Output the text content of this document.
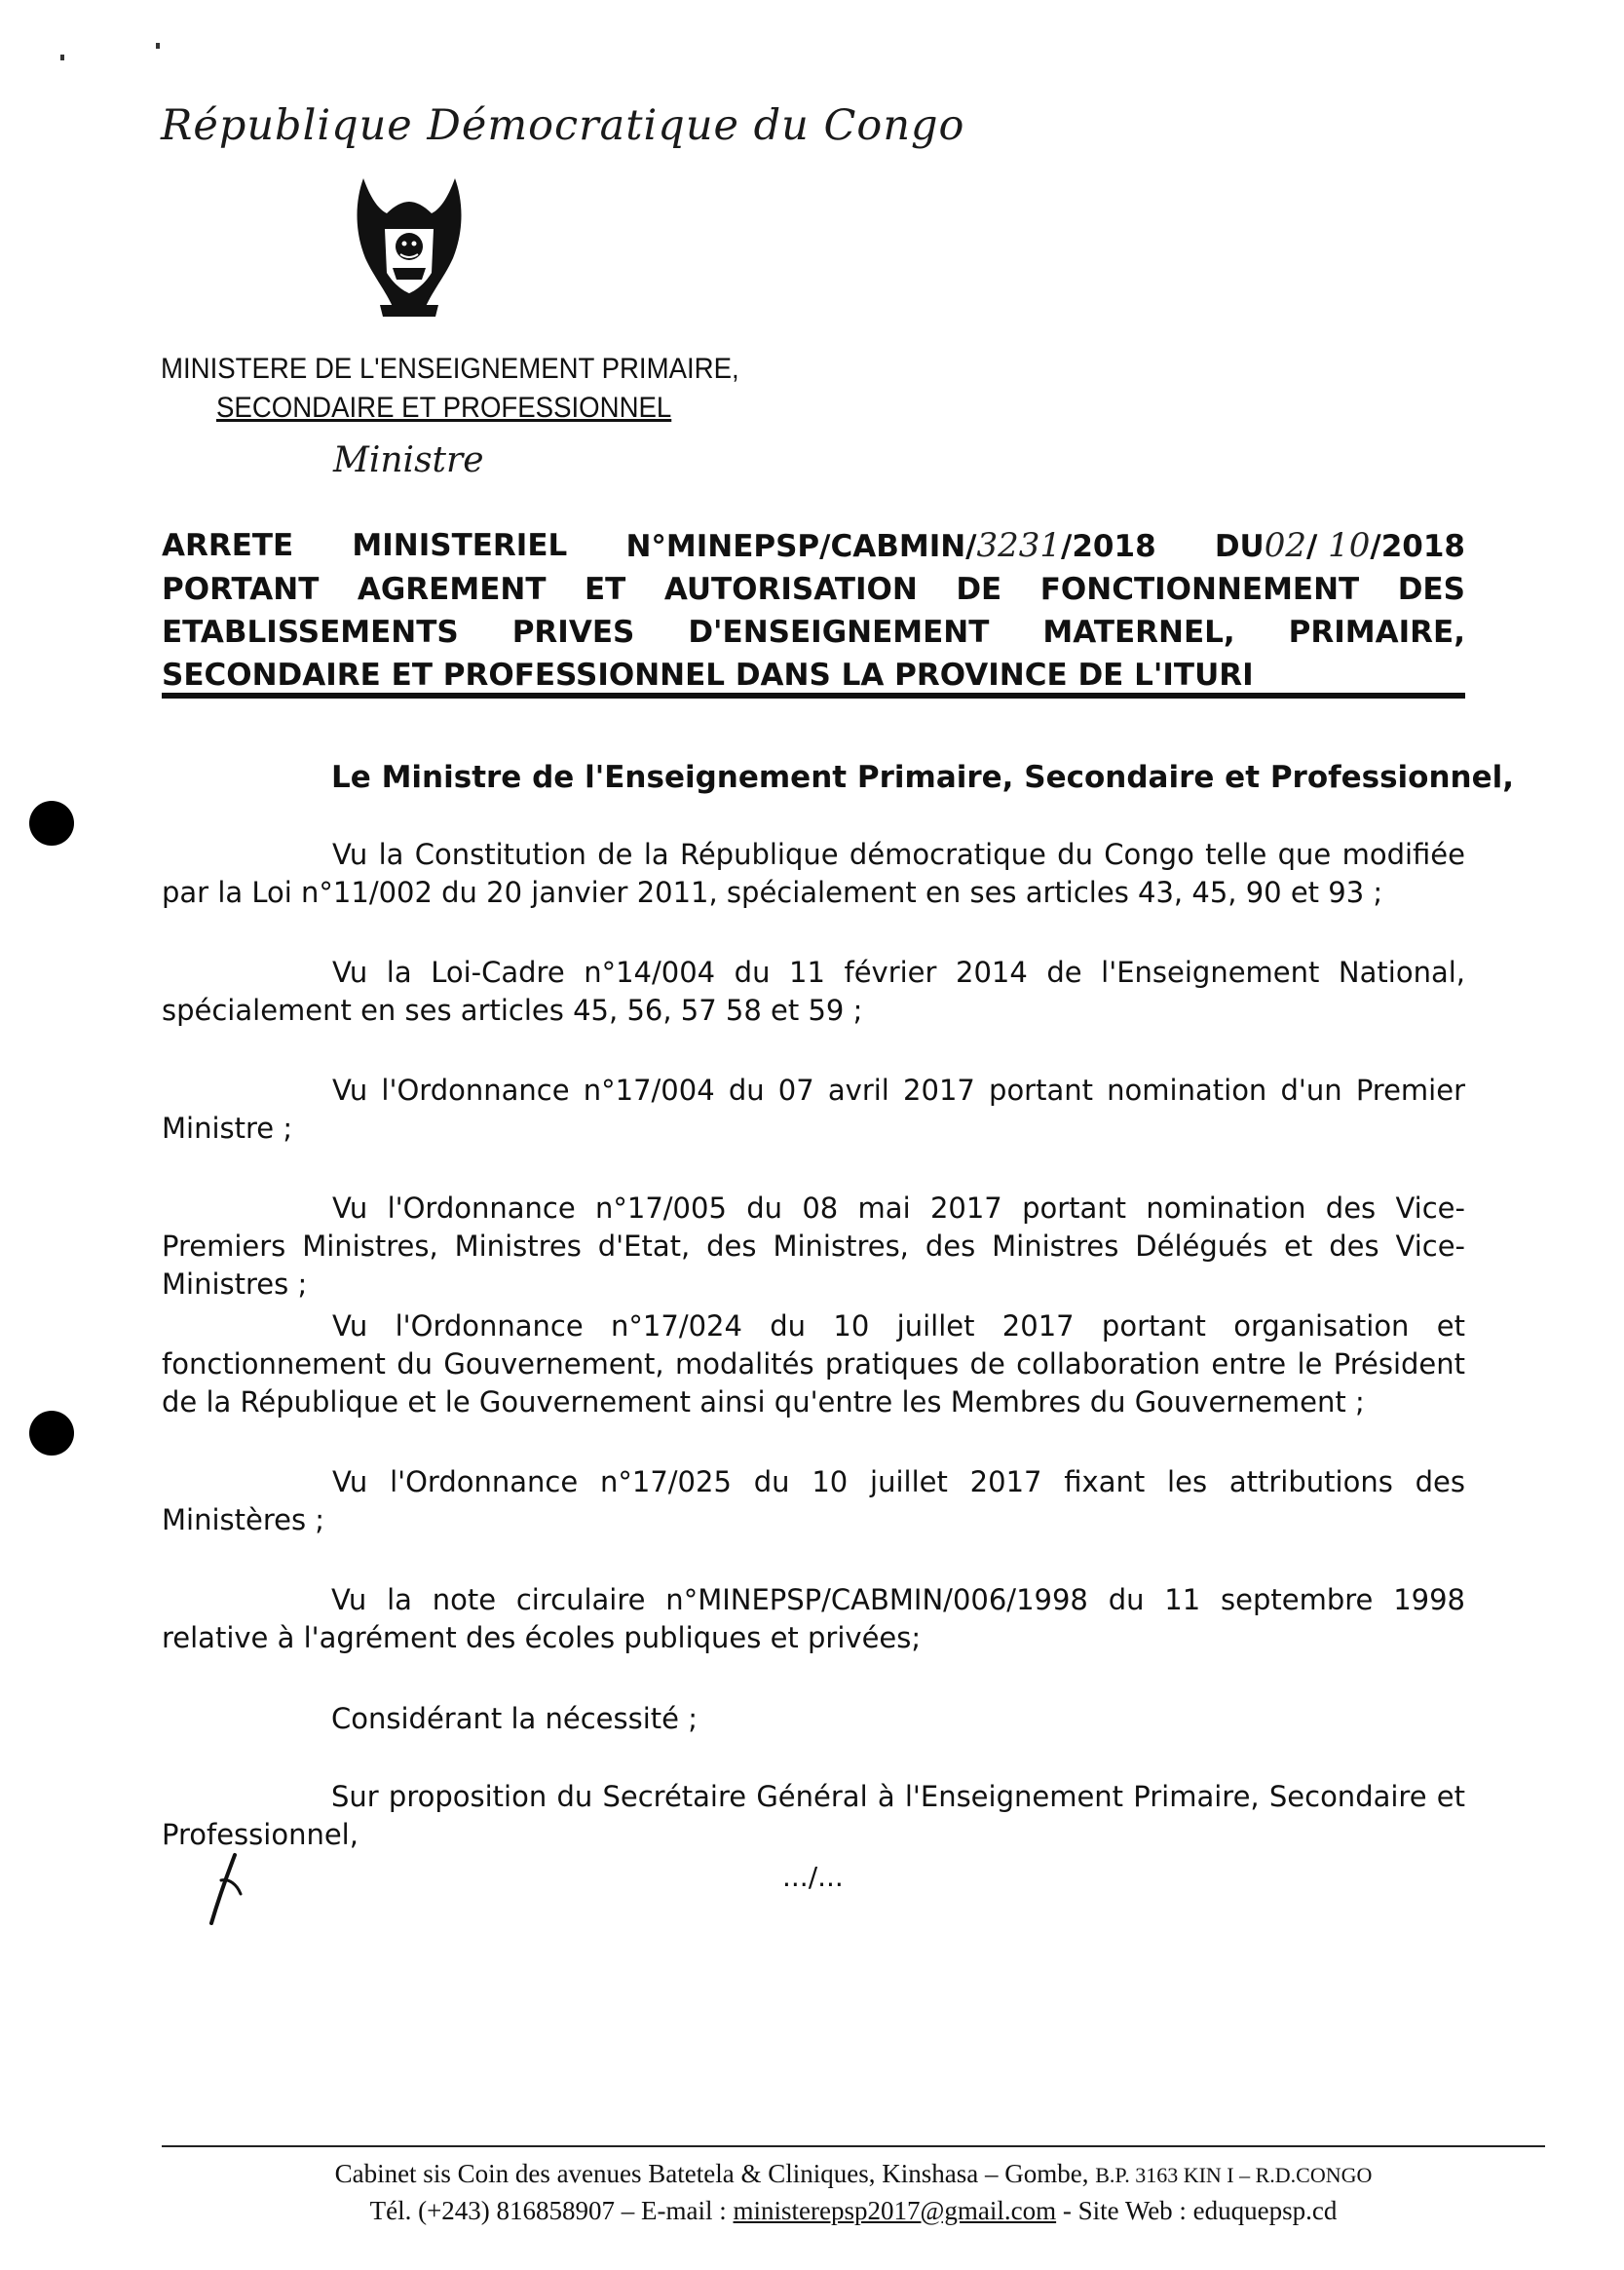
République Démocratique du Congo
MINISTERE DE L'ENSEIGNEMENT PRIMAIRE,
SECONDAIRE ET PROFESSIONNEL
Ministre
ARRETE MINISTERIEL N°MINEPSP/CABMIN/3231/2018 DU02/ 10/2018
PORTANT AGREMENT ET AUTORISATION DE FONCTIONNEMENT DES
ETABLISSEMENTS PRIVES D'ENSEIGNEMENT MATERNEL, PRIMAIRE,
SECONDAIRE ET PROFESSIONNEL DANS LA PROVINCE DE L'ITURI
Le Ministre de l'Enseignement Primaire, Secondaire et Professionnel,

Vu la Constitution de la République démocratique du Congo telle que modifiée par la Loi n°11/002 du 20 janvier 2011, spécialement en ses articles 43, 45, 90 et 93 ;

Vu la Loi-Cadre n°14/004 du 11 février 2014 de l'Enseignement National, spécialement en ses articles 45, 56, 57 58 et 59 ;

Vu l'Ordonnance n°17/004 du 07 avril 2017 portant nomination d'un Premier Ministre ;

Vu l'Ordonnance n°17/005 du 08 mai 2017 portant nomination des Vice-Premiers Ministres, Ministres d'Etat, des Ministres, des Ministres Délégués et des Vice-Ministres ;

Vu l'Ordonnance n°17/024 du 10 juillet 2017 portant organisation et fonctionnement du Gouvernement, modalités pratiques de collaboration entre le Président de la République et le Gouvernement ainsi qu'entre les Membres du Gouvernement ;

Vu l'Ordonnance n°17/025 du 10 juillet 2017 fixant les attributions des Ministères ;

Vu la note circulaire n°MINEPSP/CABMIN/006/1998 du 11 septembre 1998 relative à l'agrément des écoles publiques et privées;

Considérant la nécessité ;

Sur proposition du Secrétaire Général à l'Enseignement Primaire, Secondaire et Professionnel,

.../...
Cabinet sis Coin des avenues Batetela & Cliniques, Kinshasa – Gombe, B.P. 3163 KIN I – R.D.CONGO
Tél. (+243) 816858907 – E-mail : ministerepsp2017@gmail.com - Site Web : eduquepsp.cd
